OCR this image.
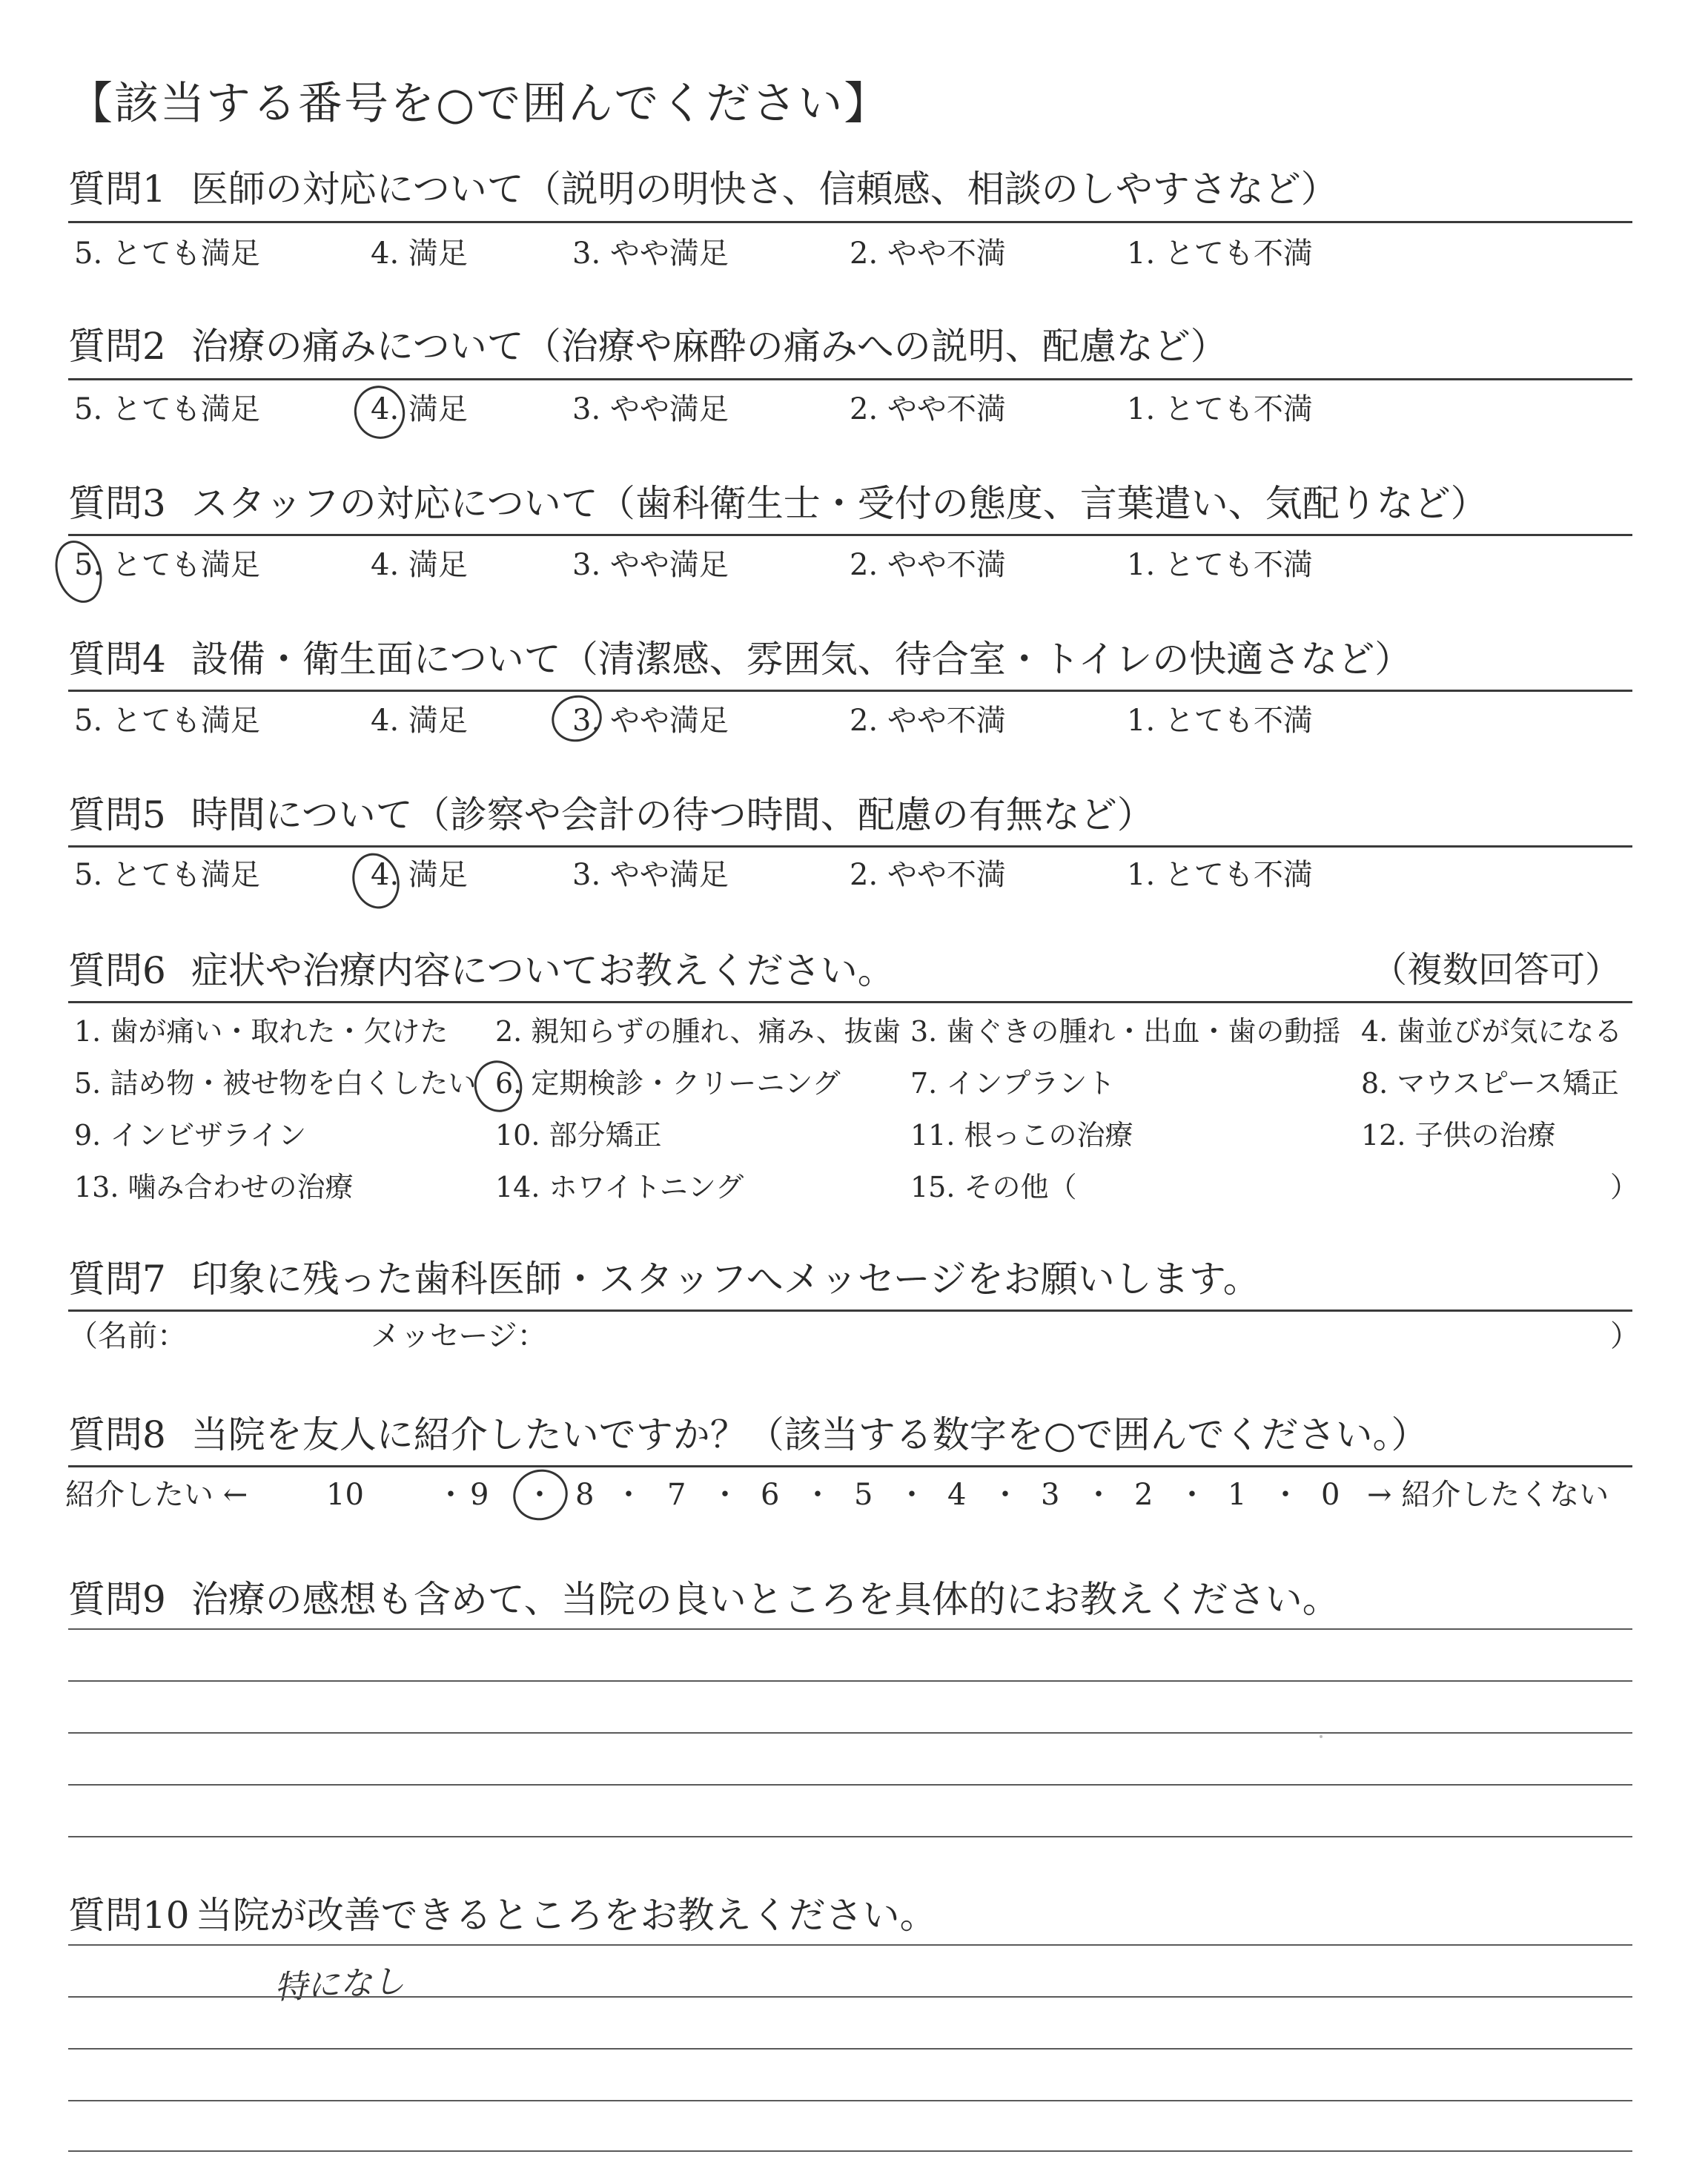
【該当する番号を○で囲んでください】
質問1 医師の対応について（説明の明快さ、信頼感、相談のしやすさなど）
5. とても満足	4. 満足	3. やや満足	2. やや不満	1. とても不満
質問2 治療の痛みについて（治療や麻酔の痛みへの説明、配慮など）
5. とても満足	4. 満足	3. やや満足	2. やや不満	1. とても不満
質問3 スタッフの対応について（歯科衛生士・受付の態度、言葉遣い、気配りなど）
5. とても満足	4. 満足	3. やや満足	2. やや不満	1. とても不満
質問4 設備・衛生面について（清潔感、雰囲気、待合室・トイレの快適さなど）
5. とても満足	4. 満足	3. やや満足	2. やや不満	1. とても不満
質問5 時間について（診察や会計の待つ時間、配慮の有無など）
5. とても満足	4. 満足	3. やや満足	2. やや不満	1. とても不満
質問6 症状や治療内容についてお教えください。	（複数回答可）
1. 歯が痛い・取れた・欠けた 2. 親知らずの腫れ、痛み、抜歯 3. 歯ぐきの腫れ・出血・歯の動揺 4. 歯並びが気になる
5. 詰め物・被せ物を白くしたい 6. 定期検診・クリーニング 7. インプラント	8. マウスピース矯正
9. インビザライン	10. 部分矯正	11. 根っこの治療	12. 子供の治療
13. 噛み合わせの治療	14. ホワイトニング	15. その他（	）
質問7 印象に残った歯科医師・スタッフへメッセージをお願いします。
（名前：	メッセージ：	）
質問8 当院を友人に紹介したいですか？（該当する数字を○で囲んでください。）
紹介したい ←	10 ・ 9 ・ 8 ・ 7 ・ 6 ・ 5 ・ 4 ・ 3 ・ 2 ・ 1 ・ 0 → 紹介したくない
質問9 治療の感想も含めて、当院の良いところを具体的にお教えください。
質問10 当院が改善できるところをお教えください。
特になし
